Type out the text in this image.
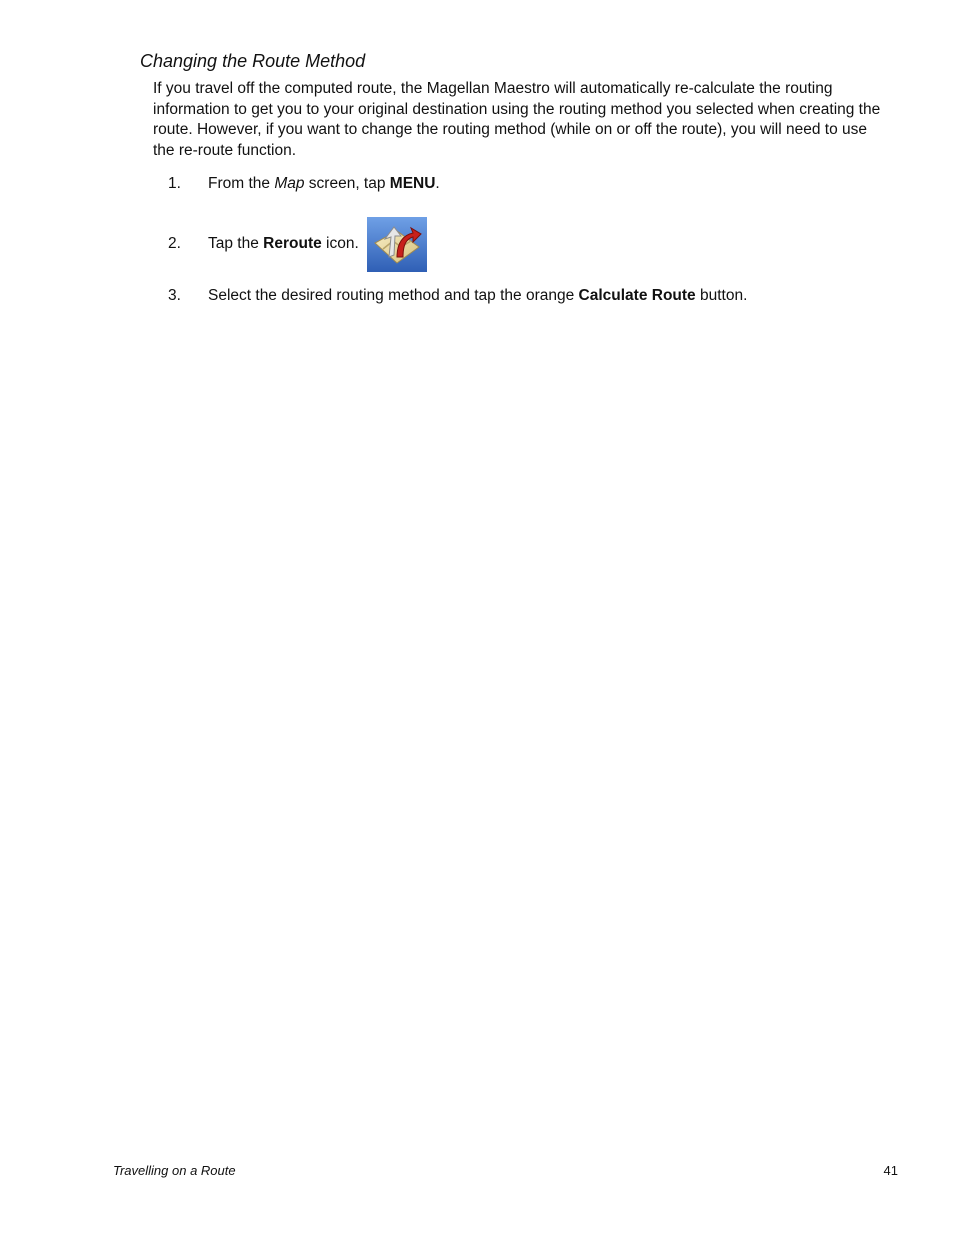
Changing the Route Method

If you travel off the computed route, the Magellan Maestro will automatically re-calculate the routing information to get you to your original destination using the routing method you selected when creating the route. However, if you want to change the routing method (while on or off the route), you will need to use the re-route function.

1.	From the Map screen, tap MENU.
2.	Tap the Reroute icon.
3.	Select the desired routing method and tap the orange Calculate Route button.
Travelling on a Route	41
